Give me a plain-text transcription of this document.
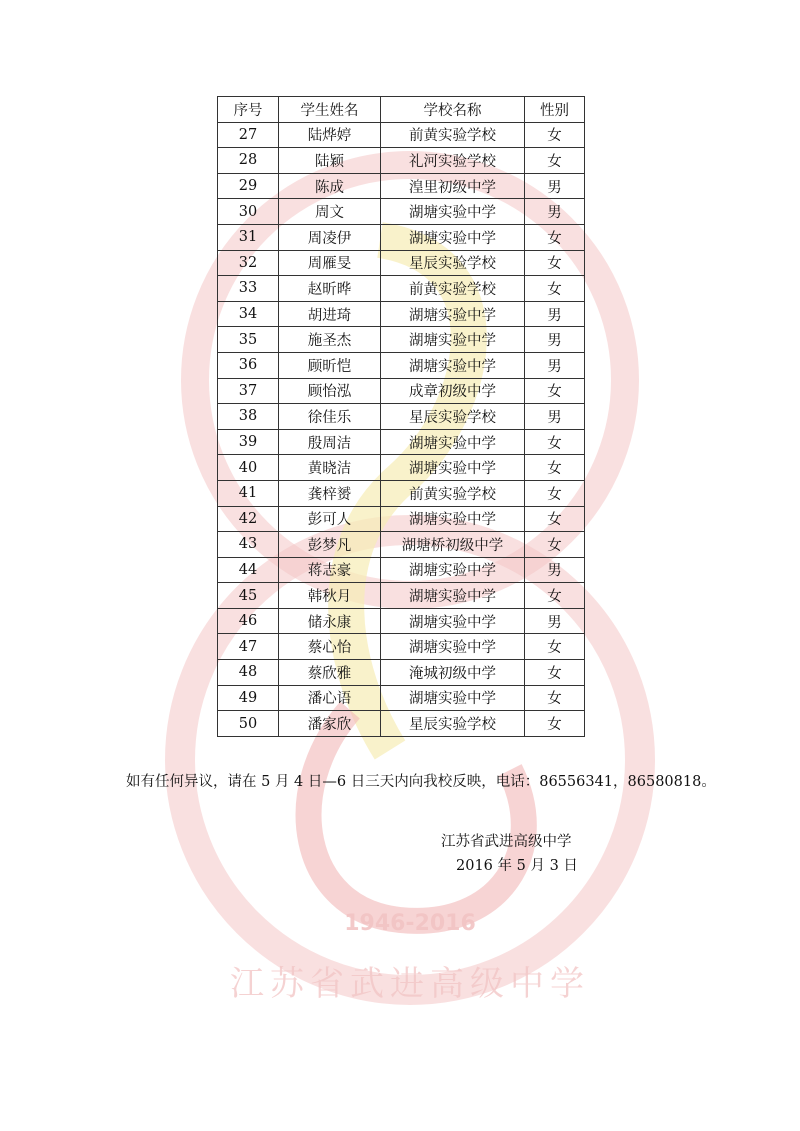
1946-2016
江苏省武进高级中学
序号	学生姓名	学校名称	性别
27	陆烨婷	前黄实验学校	女
28	陆颖	礼河实验学校	女
29	陈成	湟里初级中学	男
30	周文	湖塘实验中学	男
31	周凌伊	湖塘实验中学	女
32	周雁旻	星辰实验学校	女
33	赵昕晔	前黄实验学校	女
34	胡进琦	湖塘实验中学	男
35	施圣杰	湖塘实验中学	男
36	顾昕恺	湖塘实验中学	男
37	顾怡泓	成章初级中学	女
38	徐佳乐	星辰实验学校	男
39	殷周洁	湖塘实验中学	女
40	黄晓洁	湖塘实验中学	女
41	龚梓赟	前黄实验学校	女
42	彭可人	湖塘实验中学	女
43	彭梦凡	湖塘桥初级中学	女
44	蒋志豪	湖塘实验中学	男
45	韩秋月	湖塘实验中学	女
46	储永康	湖塘实验中学	男
47	蔡心怡	湖塘实验中学	女
48	蔡欣雅	淹城初级中学	女
49	潘心语	湖塘实验中学	女
50	潘家欣	星辰实验学校	女
如有任何异议，请在 5 月 4 日—6 日三天内向我校反映，电话：86556341，86580818。
江苏省武进高级中学
2016 年 5 月 3 日
